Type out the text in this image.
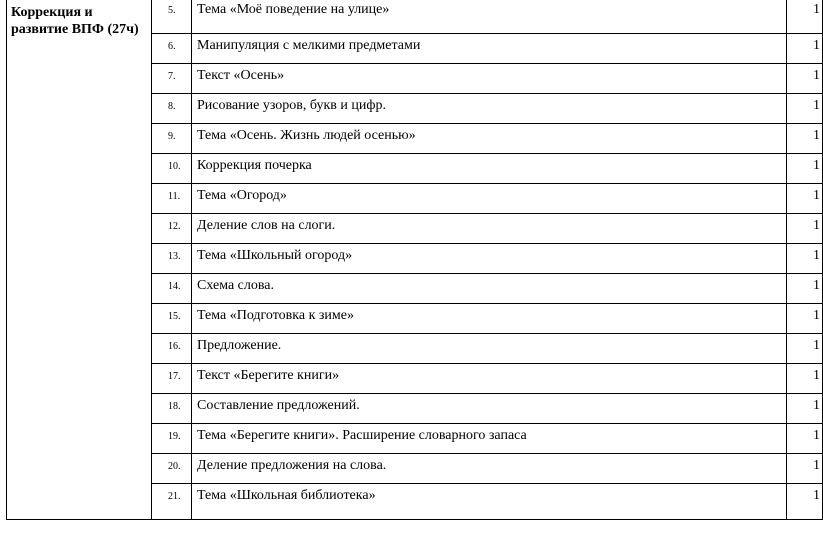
Коррекция и развитие ВПФ (27ч)	5.	Тема «Моё поведение на улице»	1
	6.	Манипуляция с мелкими предметами	1
	7.	Текст «Осень»	1
	8.	Рисование узоров, букв и цифр.	1
	9.	Тема «Осень. Жизнь людей осенью»	1
	10.	Коррекция почерка	1
	11.	Тема «Огород»	1
	12.	Деление слов на слоги.	1
	13.	Тема «Школьный огород»	1
	14.	Схема слова.	1
	15.	Тема «Подготовка к зиме»	1
	16.	Предложение.	1
	17.	Текст «Берегите книги»	1
	18.	Составление предложений.	1
	19.	Тема «Берегите книги». Расширение словарного запаса	1
	20.	Деление предложения на слова.	1
	21.	Тема «Школьная библиотека»	1
